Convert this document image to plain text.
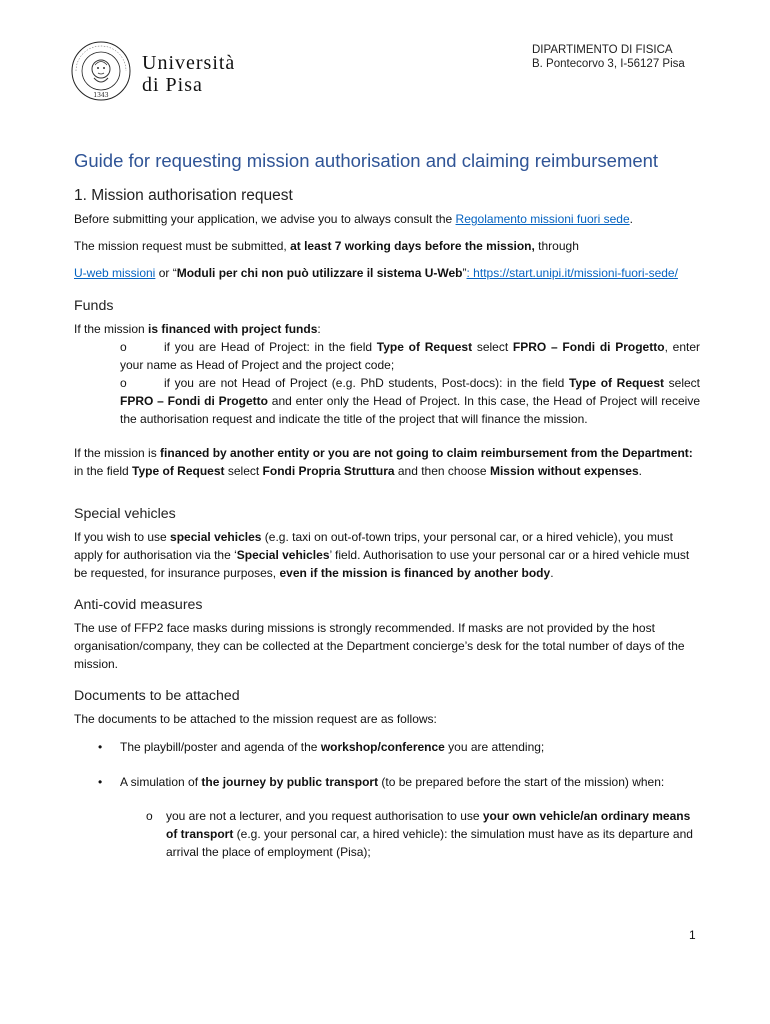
1343
Università
di Pisa
DIPARTIMENTO DI FISICA
B. Pontecorvo 3, I-56127 Pisa
Guide for requesting mission authorisation and claiming reimbursement
1. Mission authorisation request

Before submitting your application, we advise you to always consult the Regolamento missioni fuori sede.

The mission request must be submitted, at least 7 working days before the mission, through

U-web missioni or “Moduli per chi non può utilizzare il sistema U-Web”: https://start.unipi.it/missioni-fuori-sede/

Funds

If the mission is financed with project funds:

o	if you are Head of Project: in the field Type of Request select FPRO – Fondi di Progetto, enter your name as Head of Project and the project code;

o	if you are not Head of Project (e.g. PhD students, Post-docs): in the field Type of Request select FPRO – Fondi di Progetto and enter only the Head of Project. In this case, the Head of Project will receive the authorisation request and indicate the title of the project that will finance the mission.

If the mission is financed by another entity or you are not going to claim reimbursement from the Department: in the field Type of Request select Fondi Propria Struttura and then choose Mission without expenses.

Special vehicles

If you wish to use special vehicles (e.g. taxi on out-of-town trips, your personal car, or a hired vehicle), you must apply for authorisation via the ‘Special vehicles’ field. Authorisation to use your personal car or a hired vehicle must be requested, for insurance purposes, even if the mission is financed by another body.

Anti-covid measures

The use of FFP2 face masks during missions is strongly recommended. If masks are not provided by the host organisation/company, they can be collected at the Department concierge’s desk for the total number of days of the mission.

Documents to be attached

The documents to be attached to the mission request are as follows:

• The playbill/poster and agenda of the workshop/conference you are attending;
• A simulation of the journey by public transport (to be prepared before the start of the mission) when:

o you are not a lecturer, and you request authorisation to use your own vehicle/an ordinary means of transport (e.g. your personal car, a hired vehicle): the simulation must have as its departure and arrival the place of employment (Pisa);

1
